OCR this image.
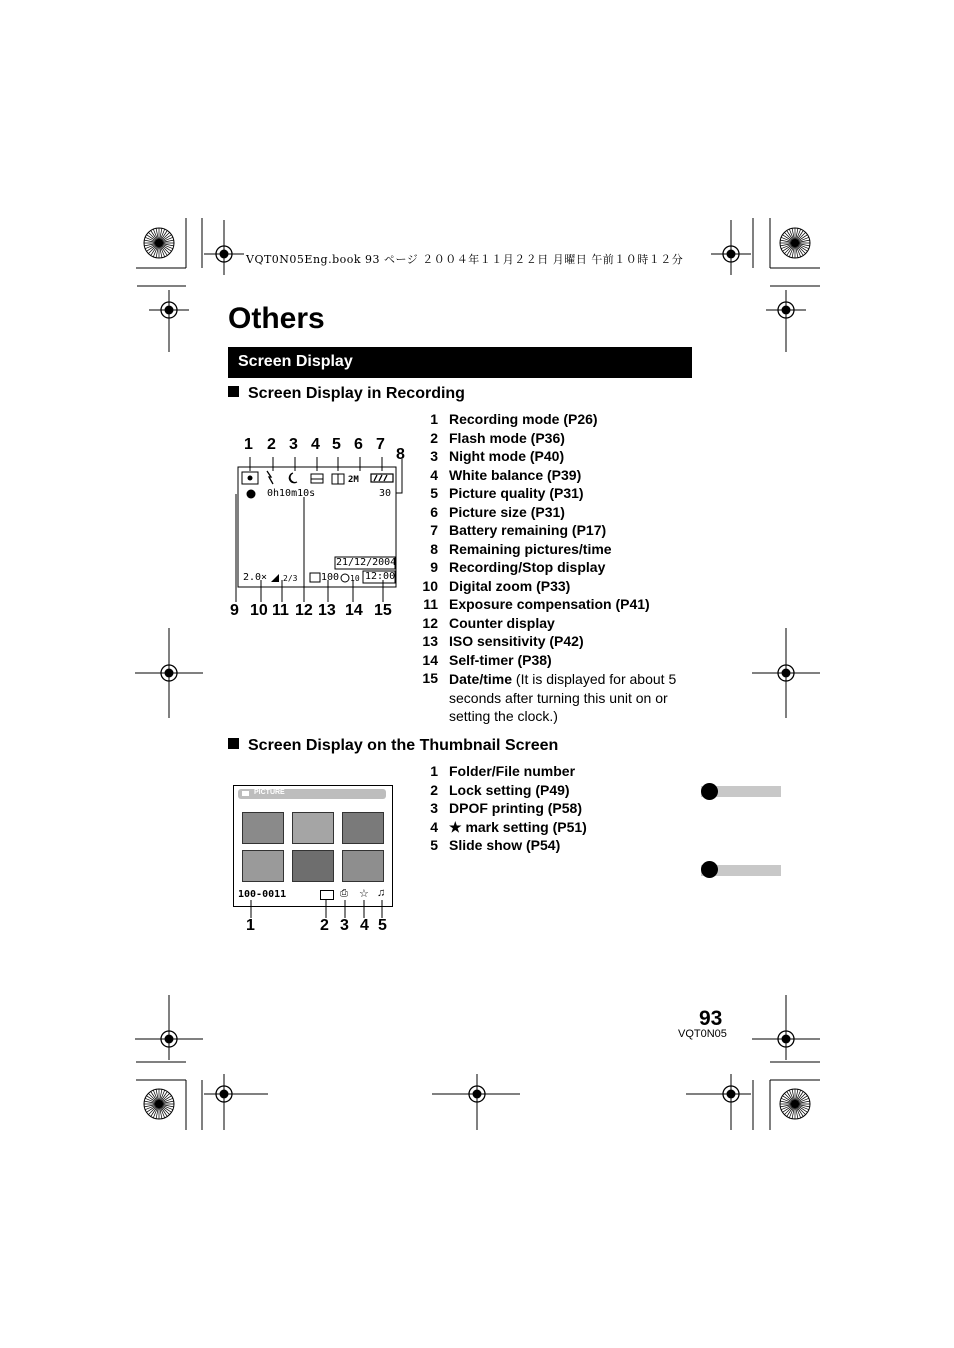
VQT0N05Eng.book 93 ページ ２００４年１１月２２日 月曜日 午前１０時１２分
Others
Screen Display
Screen Display in Recording
1 Recording mode (P26)
2 Flash mode (P36)
3 Night mode (P40)
4 White balance (P39)
5 Picture quality (P31)
6 Picture size (P31)
7 Battery remaining (P17)
8 Remaining pictures/time
9 Recording/Stop display
10 Digital zoom (P33)
11 Exposure compensation (P41)
12 Counter display
13 ISO sensitivity (P42)
14 Self-timer (P38)
15 Date/time (It is displayed for about 5 seconds after turning this unit on or setting the clock.)
2M
0h10m10s	30
21/12/2004
12:00
2.0× 2/3 100 10
1 2 3 4 5 6 7
8
9 10 11 12 13 14 15
Screen Display on the Thumbnail Screen
1 Folder/File number
2 Lock setting (P49)
3 DPOF printing (P58)
4 ★ mark setting (P51)
5 Slide show (P54)
PICTURE
100-0011	⎙ ☆ ♫
1	2 3 4 5
93
VQT0N05
